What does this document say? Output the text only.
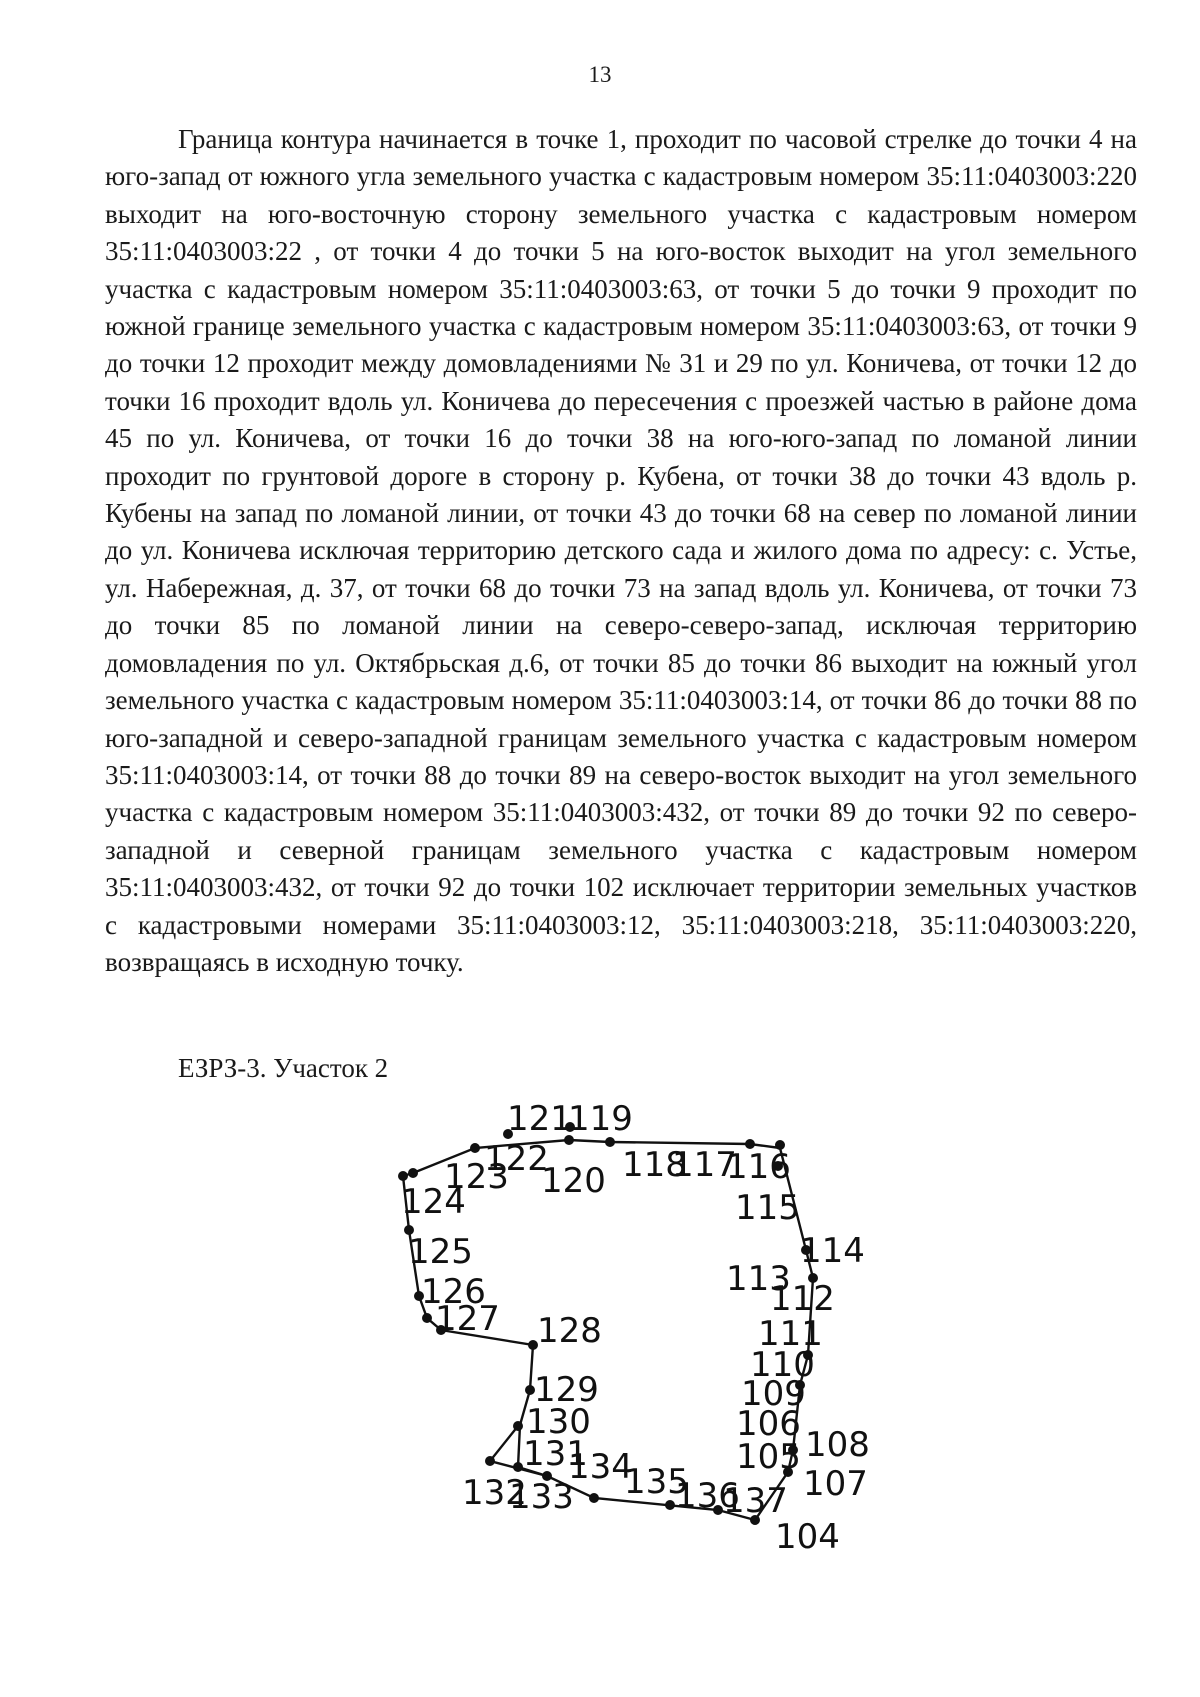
13

Граница контура начинается в точке 1, проходит по часовой стрелке до точки 4 на юго-запад от южного угла земельного участка с кадастровым номером 35:11:0403003:220 выходит на юго-восточную сторону земельного участка с кадастровым номером 35:11:0403003:22 , от точки 4 до точки 5 на юго-восток выходит на угол земельного участка с кадастровым номером 35:11:0403003:63, от точки 5 до точки 9 проходит по южной границе земельного участка с кадастровым номером 35:11:0403003:63, от точки 9 до точки 12 проходит между домовладениями № 31 и 29 по ул. Коничева, от точки 12 до точки 16 проходит вдоль ул. Коничева до пересечения с проезжей частью в районе дома 45 по ул. Коничева, от точки 16 до точки 38 на юго-юго-запад по ломаной линии проходит по грунтовой дороге в сторону р. Кубена, от точки 38 до точки 43 вдоль р. Кубены на запад по ломаной линии, от точки 43 до точки 68 на север по ломаной линии до ул. Коничева исключая территорию детского сада и жилого дома по адресу: с. Устье, ул. Набережная, д. 37, от точки 68 до точки 73 на запад вдоль ул. Коничева, от точки 73 до точки 85 по ломаной линии на северо-северо-запад, исключая территорию домовладения по ул. Октябрьская д.6, от точки 85 до точки 86 выходит на южный угол земельного участка с кадастровым номером 35:11:0403003:14, от точки 86 до точки 88 по юго-западной и северо-западной границам земельного участка с кадастровым номером 35:11:0403003:14, от точки 88 до точки 89 на северо-восток выходит на угол земельного участка с кадастровым номером 35:11:0403003:432, от точки 89 до точки 92 по северо-западной и северной границам земельного участка с кадастровым номером 35:11:0403003:432, от точки 92 до точки 102 исключает территории земельных участков с кадастровыми номерами 35:11:0403003:12, 35:11:0403003:218, 35:11:0403003:220, возвращаясь в исходную точку.

ЕЗРЗ-3. Участок 2
121
119
122
120
123
124
118
117
116
115
114
125
113
112
126
127 128	111
110
129	109
130	106
108
131	105
134
135	107
132
133	136
137
104
